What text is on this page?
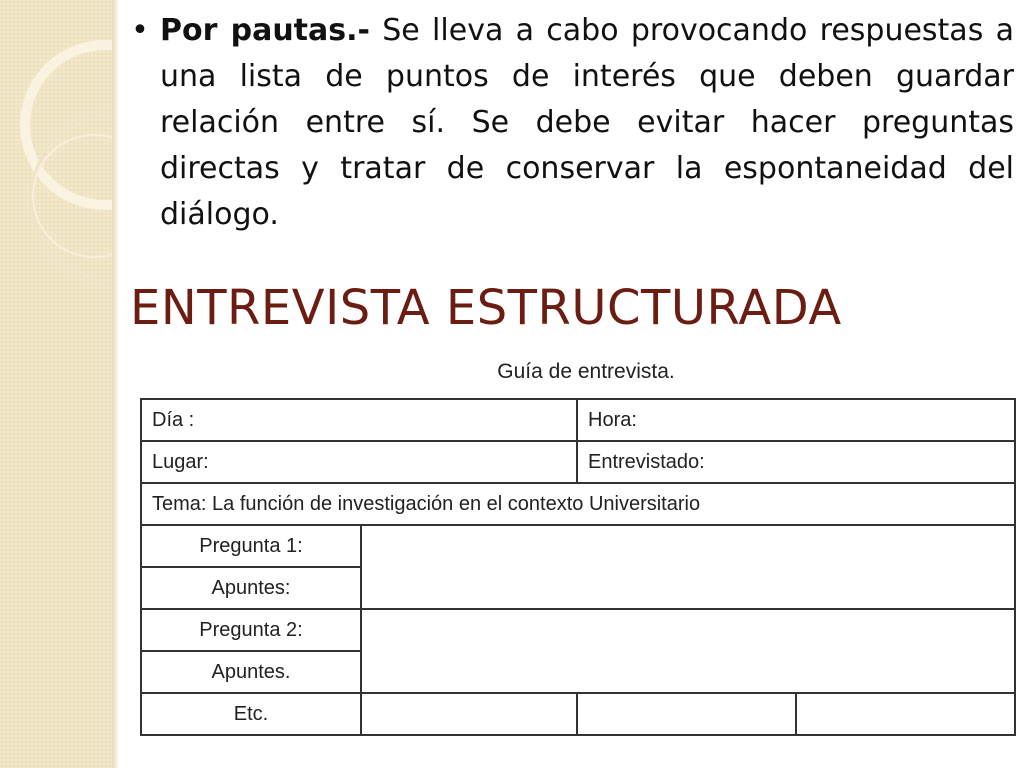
• Por pautas.- Se lleva a cabo provocando respuestas a una lista de puntos de interés que deben guardar relación entre sí. Se debe evitar hacer preguntas directas y tratar de conservar la espontaneidad del diálogo.
ENTREVISTA ESTRUCTURADA
Guía de entrevista.
Día :		Hora:	
Lugar:		Entrevistado:	
Tema: La función de investigación en el contexto Universitario			
Pregunta 1:			
Apuntes:			
Pregunta 2:			
Apuntes.			
Etc.			
